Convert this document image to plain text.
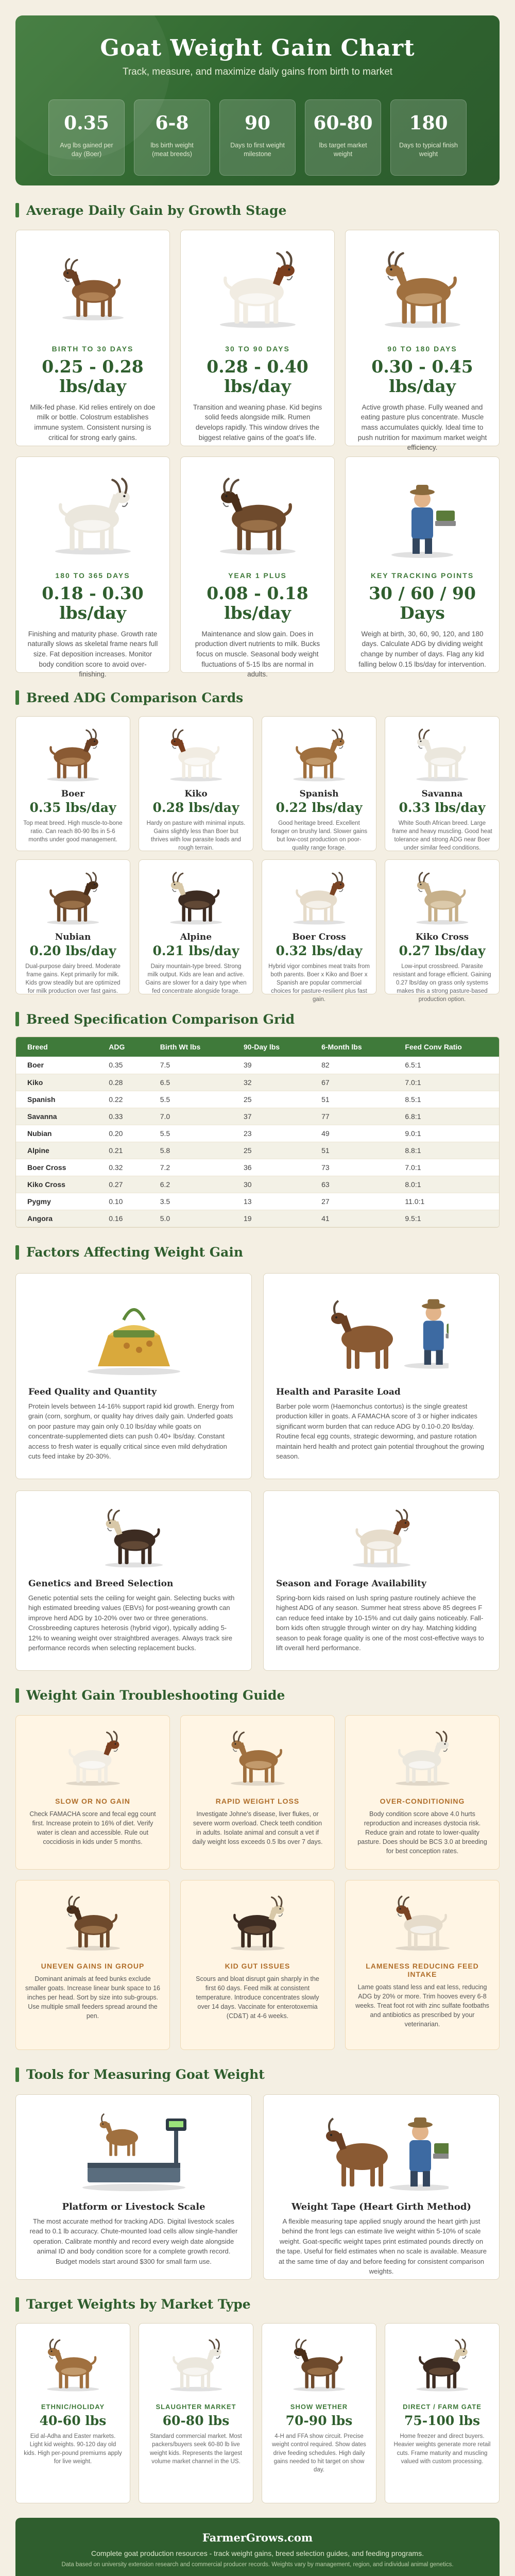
Goat Weight Gain Chart
Track, measure, and maximize daily gains from birth to market
0.35
Avg lbs gained per day (Boer)
6-8
lbs birth weight (meat breeds)
90
Days to first weight milestone
60-80
lbs target market weight
180
Days to typical finish weight
Average Daily Gain by Growth Stage
BIRTH TO 30 DAYS
0.25 - 0.28 lbs/day
Milk-fed phase. Kid relies entirely on doe milk or bottle. Colostrum establishes immune system. Consistent nursing is critical for strong early gains.
30 TO 90 DAYS
0.28 - 0.40 lbs/day
Transition and weaning phase. Kid begins solid feeds alongside milk. Rumen develops rapidly. This window drives the biggest relative gains of the goat's life.
90 TO 180 DAYS
0.30 - 0.45 lbs/day
Active growth phase. Fully weaned and eating pasture plus concentrate. Muscle mass accumulates quickly. Ideal time to push nutrition for maximum market weight efficiency.
180 TO 365 DAYS
0.18 - 0.30 lbs/day
Finishing and maturity phase. Growth rate naturally slows as skeletal frame nears full size. Fat deposition increases. Monitor body condition score to avoid over-finishing.
YEAR 1 PLUS
0.08 - 0.18 lbs/day
Maintenance and slow gain. Does in production divert nutrients to milk. Bucks focus on muscle. Seasonal body weight fluctuations of 5-15 lbs are normal in adults.
KEY TRACKING POINTS
30 / 60 / 90 Days
Weigh at birth, 30, 60, 90, 120, and 180 days. Calculate ADG by dividing weight change by number of days. Flag any kid falling below 0.15 lbs/day for intervention.
Breed ADG Comparison Cards
Boer
0.35 lbs/day
Top meat breed. High muscle-to-bone ratio. Can reach 80-90 lbs in 5-6 months under good management.
Kiko
0.28 lbs/day
Hardy on pasture with minimal inputs. Gains slightly less than Boer but thrives with low parasite loads and rough terrain.
Spanish
0.22 lbs/day
Good heritage breed. Excellent forager on brushy land. Slower gains but low-cost production on poor-quality range forage.
Savanna
0.33 lbs/day
White South African breed. Large frame and heavy muscling. Good heat tolerance and strong ADG near Boer under similar feed conditions.
Nubian
0.20 lbs/day
Dual-purpose dairy breed. Moderate frame gains. Kept primarily for milk. Kids grow steadily but are optimized for milk production over fast gains.
Alpine
0.21 lbs/day
Dairy mountain-type breed. Strong milk output. Kids are lean and active. Gains are slower for a dairy type when fed concentrate alongside forage.
Boer Cross
0.32 lbs/day
Hybrid vigor combines meat traits from both parents. Boer x Kiko and Boer x Spanish are popular commercial choices for pasture-resilient plus fast gain.
Kiko Cross
0.27 lbs/day
Low-input crossbreed. Parasite resistant and forage efficient. Gaining 0.27 lbs/day on grass only systems makes this a strong pasture-based production option.
Breed Specification Comparison Grid
Breed	ADG	Birth Wt lbs	90-Day lbs	6-Month lbs	Feed Conv Ratio
Boer	0.35	7.5	39	82	6.5:1
Kiko	0.28	6.5	32	67	7.0:1
Spanish	0.22	5.5	25	51	8.5:1
Savanna	0.33	7.0	37	77	6.8:1
Nubian	0.20	5.5	23	49	9.0:1
Alpine	0.21	5.8	25	51	8.8:1
Boer Cross	0.32	7.2	36	73	7.0:1
Kiko Cross	0.27	6.2	30	63	8.0:1
Pygmy	0.10	3.5	13	27	11.0:1
Angora	0.16	5.0	19	41	9.5:1
Factors Affecting Weight Gain
Feed Quality and Quantity

Protein levels between 14-16% support rapid kid growth. Energy from grain (corn, sorghum, or quality hay drives daily gain. Underfed goats on poor pasture may gain only 0.10 lbs/day while goats on concentrate-supplemented diets can push 0.40+ lbs/day. Constant access to fresh water is equally critical since even mild dehydration cuts feed intake by 20-30%.

Health and Parasite Load

Barber pole worm (Haemonchus contortus) is the single greatest production killer in goats. A FAMACHA score of 3 or higher indicates significant worm burden that can reduce ADG by 0.10-0.20 lbs/day. Routine fecal egg counts, strategic deworming, and pasture rotation maintain herd health and protect gain potential throughout the growing season.

Genetics and Breed Selection

Genetic potential sets the ceiling for weight gain. Selecting bucks with high estimated breeding values (EBVs) for post-weaning growth can improve herd ADG by 10-20% over two or three generations. Crossbreeding captures heterosis (hybrid vigor), typically adding 5-12% to weaning weight over straightbred averages. Always track sire performance records when selecting replacement bucks.

Season and Forage Availability

Spring-born kids raised on lush spring pasture routinely achieve the highest ADG of any season. Summer heat stress above 85 degrees F can reduce feed intake by 10-15% and cut daily gains noticeably. Fall-born kids often struggle through winter on dry hay. Matching kidding season to peak forage quality is one of the most cost-effective ways to lift overall herd performance.

Weight Gain Troubleshooting Guide
SLOW OR NO GAIN
Check FAMACHA score and fecal egg count first. Increase protein to 16% of diet. Verify water is clean and accessible. Rule out coccidiosis in kids under 5 months.
RAPID WEIGHT LOSS
Investigate Johne's disease, liver flukes, or severe worm overload. Check teeth condition in adults. Isolate animal and consult a vet if daily weight loss exceeds 0.5 lbs over 7 days.
OVER-CONDITIONING
Body condition score above 4.0 hurts reproduction and increases dystocia risk. Reduce grain and rotate to lower-quality pasture. Does should be BCS 3.0 at breeding for best conception rates.
UNEVEN GAINS IN GROUP
Dominant animals at feed bunks exclude smaller goats. Increase linear bunk space to 16 inches per head. Sort by size into sub-groups. Use multiple small feeders spread around the pen.
KID GUT ISSUES
Scours and bloat disrupt gain sharply in the first 60 days. Feed milk at consistent temperature. Introduce concentrates slowly over 14 days. Vaccinate for enterotoxemia (CD&T) at 4-6 weeks.
LAMENESS REDUCING FEED INTAKE
Lame goats stand less and eat less, reducing ADG by 20% or more. Trim hooves every 6-8 weeks. Treat foot rot with zinc sulfate footbaths and antibiotics as prescribed by your veterinarian.
Tools for Measuring Goat Weight
Platform or Livestock Scale

The most accurate method for tracking ADG. Digital livestock scales read to 0.1 lb accuracy. Chute-mounted load cells allow single-handler operation. Calibrate monthly and record every weigh date alongside animal ID and body condition score for a complete growth record. Budget models start around $300 for small farm use.

Weight Tape (Heart Girth Method)

A flexible measuring tape applied snugly around the heart girth just behind the front legs can estimate live weight within 5-10% of scale weight. Goat-specific weight tapes print estimated pounds directly on the tape. Useful for field estimates when no scale is available. Measure at the same time of day and before feeding for consistent comparison weights.

Target Weights by Market Type
ETHNIC/HOLIDAY
40-60 lbs
Eid al-Adha and Easter markets. Light kid weights. 90-120 day old kids. High per-pound premiums apply for live weight.
SLAUGHTER MARKET
60-80 lbs
Standard commercial market. Most packers/buyers seek 60-80 lb live weight kids. Represents the largest volume market channel in the US.
SHOW WETHER
70-90 lbs
4-H and FFA show circuit. Precise weight control required. Show dates drive feeding schedules. High daily gains needed to hit target on show day.
DIRECT / FARM GATE
75-100 lbs
Home freezer and direct buyers. Heavier weights generate more retail cuts. Frame maturity and muscling valued with custom processing.
FarmerGrows.com
Complete goat production resources - track weight gains, breed selection guides, and feeding programs.
Data based on university extension research and commercial producer records. Weights vary by management, region, and individual animal genetics.
